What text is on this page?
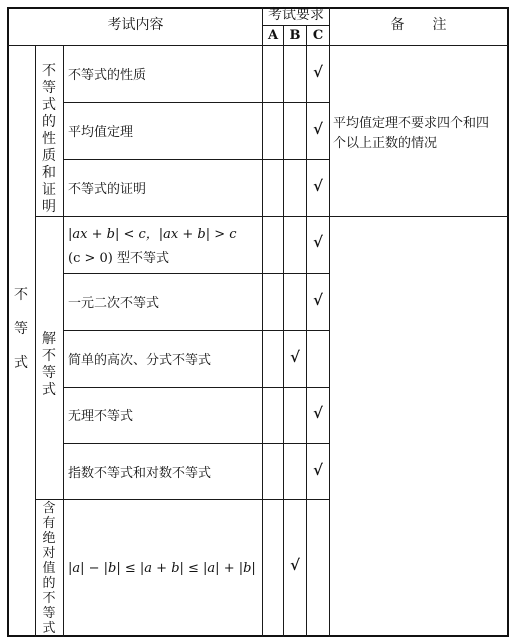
考试内容
考试要求
A B C
备　　注
不

等

式
不等式的性质和证明
解不等式
含有绝对值的不等式
不等式的性质
平均值定理
不等式的证明
|ax + b| < c，|ax + b| > c
(c > 0) 型不等式
一元二次不等式
简单的高次、分式不等式
无理不等式
指数不等式和对数不等式
|a| − |b| ≤ |a + b| ≤ |a| + |b|
√
√
√
√
√
√
√
√
√
平均值定理不要求四个和四
个以上正数的情况
